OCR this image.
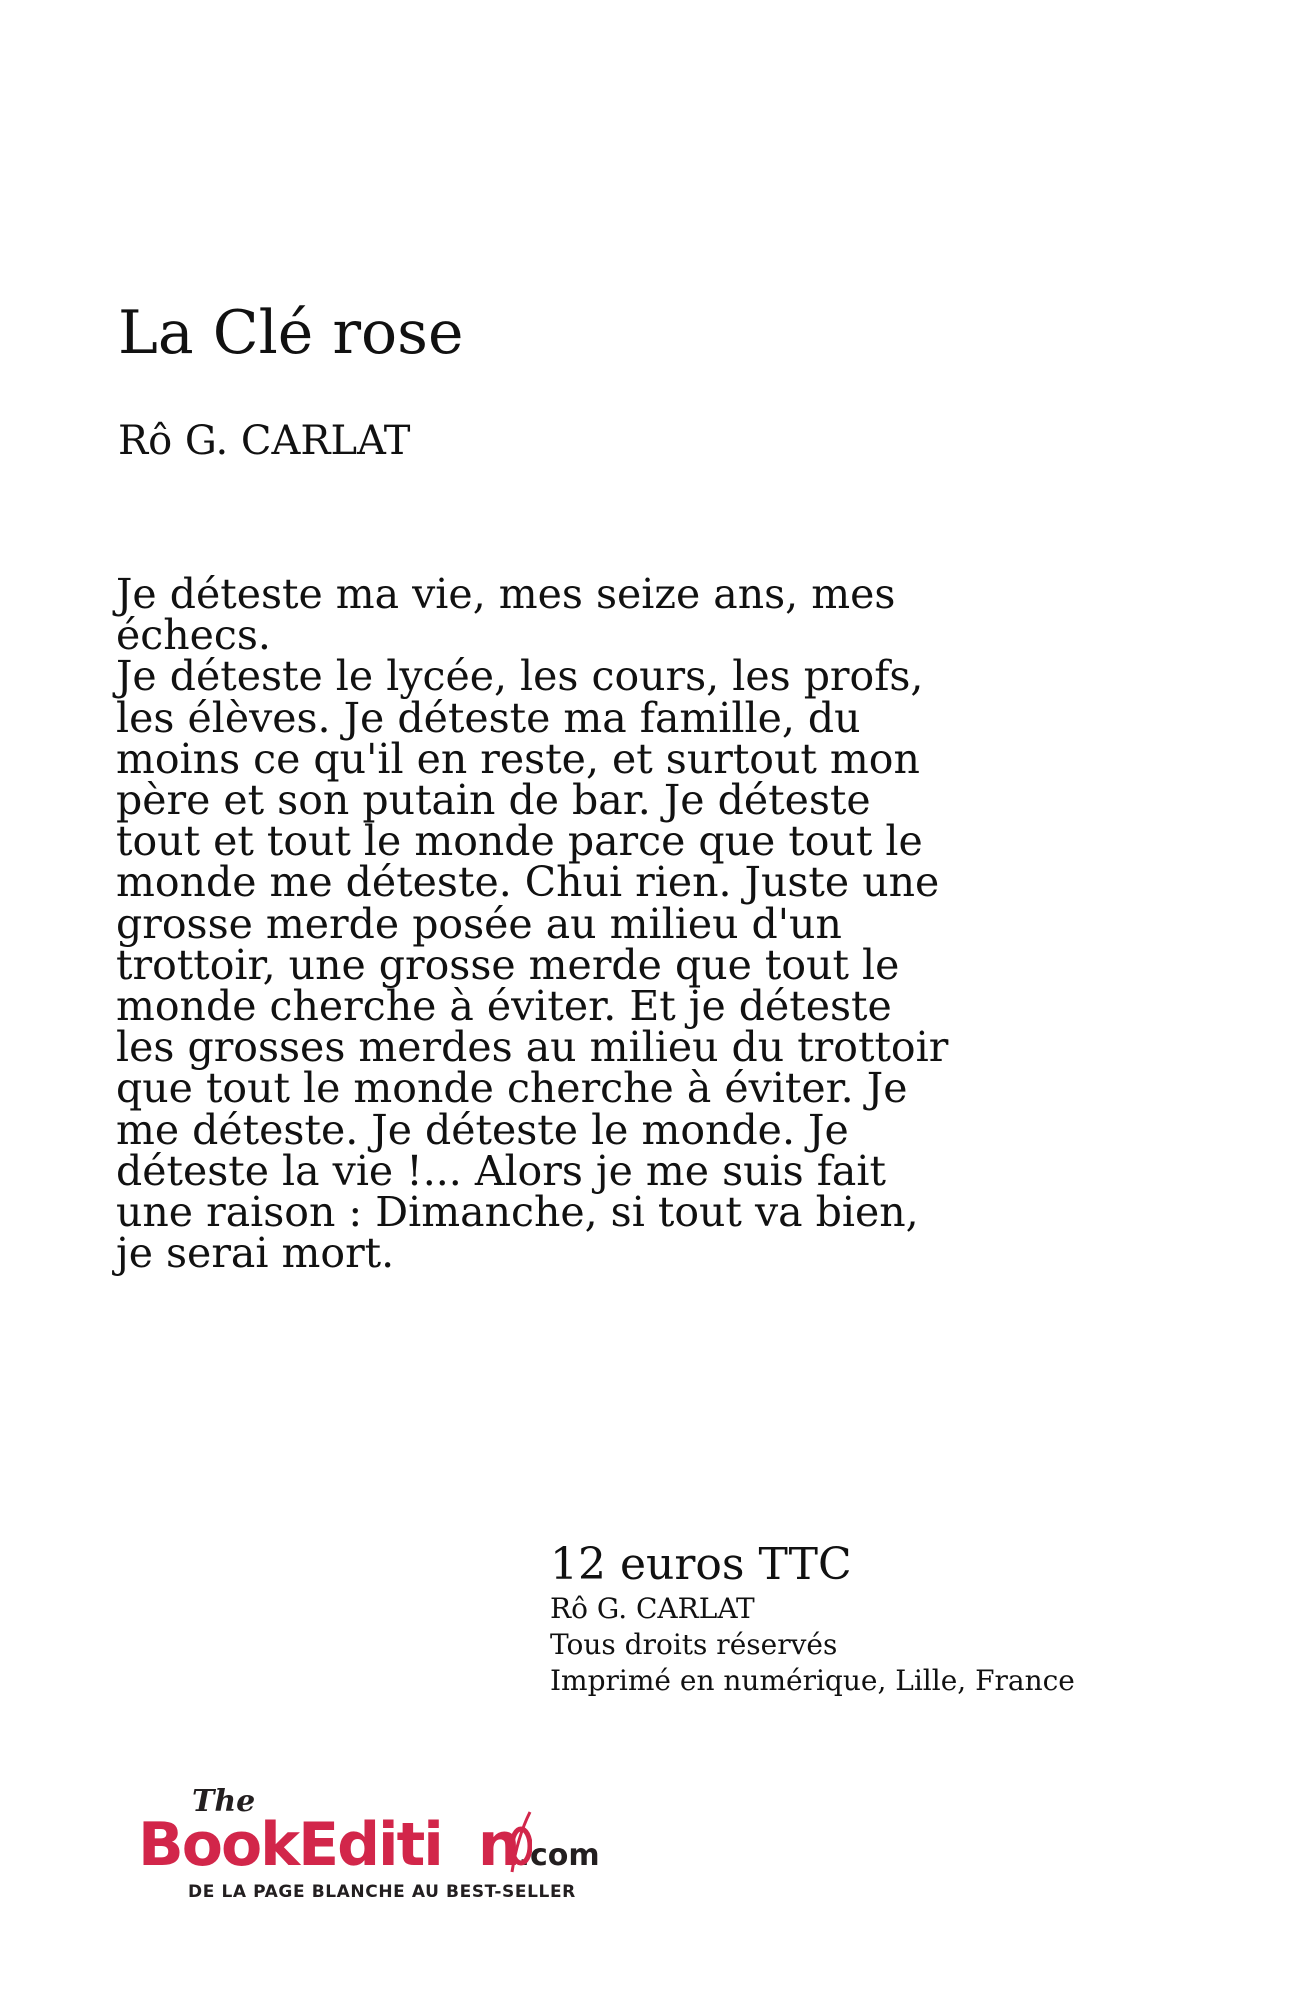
La Clé rose
Rô G. CARLAT

Je déteste ma vie, mes seize ans, mes
échecs.
Je déteste le lycée, les cours, les profs,
les élèves. Je déteste ma famille, du
moins ce qu'il en reste, et surtout mon
père et son putain de bar. Je déteste
tout et tout le monde parce que tout le
monde me déteste. Chui rien. Juste une
grosse merde posée au milieu d'un
trottoir, une grosse merde que tout le
monde cherche à éviter. Et je déteste
les grosses merdes au milieu du trottoir
que tout le monde cherche à éviter. Je
me déteste. Je déteste le monde. Je
déteste la vie !... Alors je me suis fait
une raison : Dimanche, si tout va bien,
je serai mort.

12 euros TTC
Rô G. CARLAT
Tous droits réservés
Imprimé en numérique, Lille, France
The
BookEditi n.com
DE LA PAGE BLANCHE AU BEST-SELLER
